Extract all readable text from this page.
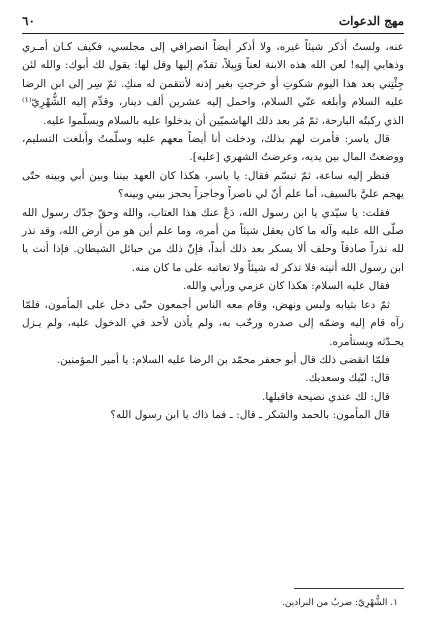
مهج الدعوات
٦٠

عنه، ولستُ أذكر شيئاً غيره، ولا أذكر أيضاً انصرافي إلى مجلسي، فكيف كـان أمـري وذهابي إليه! لعن الله هذه الابنة لعناً وَبِيلاً، تقدّم إليها وقل لها: يقول لك أبوك: والله لئن جِئْتِني بعد هذا اليوم شكوتِ أو خرجتِ بغير إذنه لأنتقمن له منكِ. ثمّ سِر إلى ابن الرضا عليه السلام وأبلغه عنّي السلام، واحمل إليه عشرين ألف دينار، وقدِّم إليه الشُّهْرِيّ⁽¹⁾ الذي ركبتُه البارحة، ثمّ مُر بعد ذلك الهاشميّين أن يدخلوا عليه بالسلام ويسلّموا عليه.

قال ياسر: فأمرت لهم بذلك، ودخلت أنا أيضاً معهم عليه وسلّمتُ وأبلغت التسليم، ووضعتُ المال بين يديه، وعرضتُ الشهري [عليه].

فنظر إليه ساعة، ثمّ تبسّم فقال: يا ياسر، هكذا كان العهد بيننا وبين أبي وبينه حتّى يهجم عليَّ بالسيف، أما علم أنّ لي ناصراً وحاجزاً يحجز بيني وبينه؟

فقلت: يا سيّدي يا ابن رسول الله، دَعْ عنك هذا العتاب، والله وحقّ جدّك رسول الله صلّى الله عليه وآله ما كان يعقل شيئاً من أمره، وما علم أين هو من أرض الله، وقد نذر لله نذراً صادقاً وحلف ألا يسكر بعد ذلك أبداً، فإنّ ذلك من حبائل الشيطان. فإذا أنت يا ابن رسول الله أتيته فلا تذكر له شيئاً ولا تعاتبه على ما كان منه.

فقال عليه السلام: هكذا كان عزمي ورأيي والله.

ثمّ دعا بثيابه ولبس ونهض، وقام معه الناس أجمعون حتّى دخل على المأمون، فلمّا رآه قام إليه وضمّه إلى صدره ورحّب به، ولم يأذن لأحد في الدخول عليه، ولم يـزل يحـدّثه ويستأمره.

فلمّا انقضى ذلك قال أبو جعفر محمّد بن الرضا عليه السلام: يا أمير المؤمنين.

قال: لبّيك وسعديك.

قال: لك عندي نصيحة فاقبلها.

قال المأمون: بالحمد والشكر ـ قال: ـ فما ذاك يا ابن رسول الله؟

١. الشُّهْرِيّ: ضربٌ من البراذين.
